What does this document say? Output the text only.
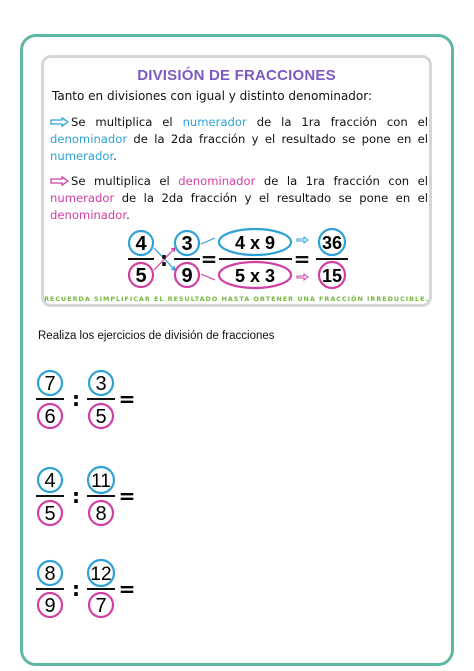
DIVISIÓN DE FRACCIONES
Tanto en divisiones con igual y distinto denominador:
Se multiplica el numerador de la 1ra fracción con el denominador de la 2da fracción y el resultado se pone en el numerador.
Se multiplica el denominador de la 1ra fracción con el numerador de la 2da fracción y el resultado se pone en el denominador.
4
5
:
3
9
=
4 x 9
5 x 3
=
36
15
RECUERDA SIMPLIFICAR EL RESULTADO HASTA OBTENER UNA FRACCIÓN IRREDUCIBLE.
Realiza los ejercicios de división de fracciones
7
6
:
3
5
=
4
5
:
11
8
=
8
9
:
12
7
=
